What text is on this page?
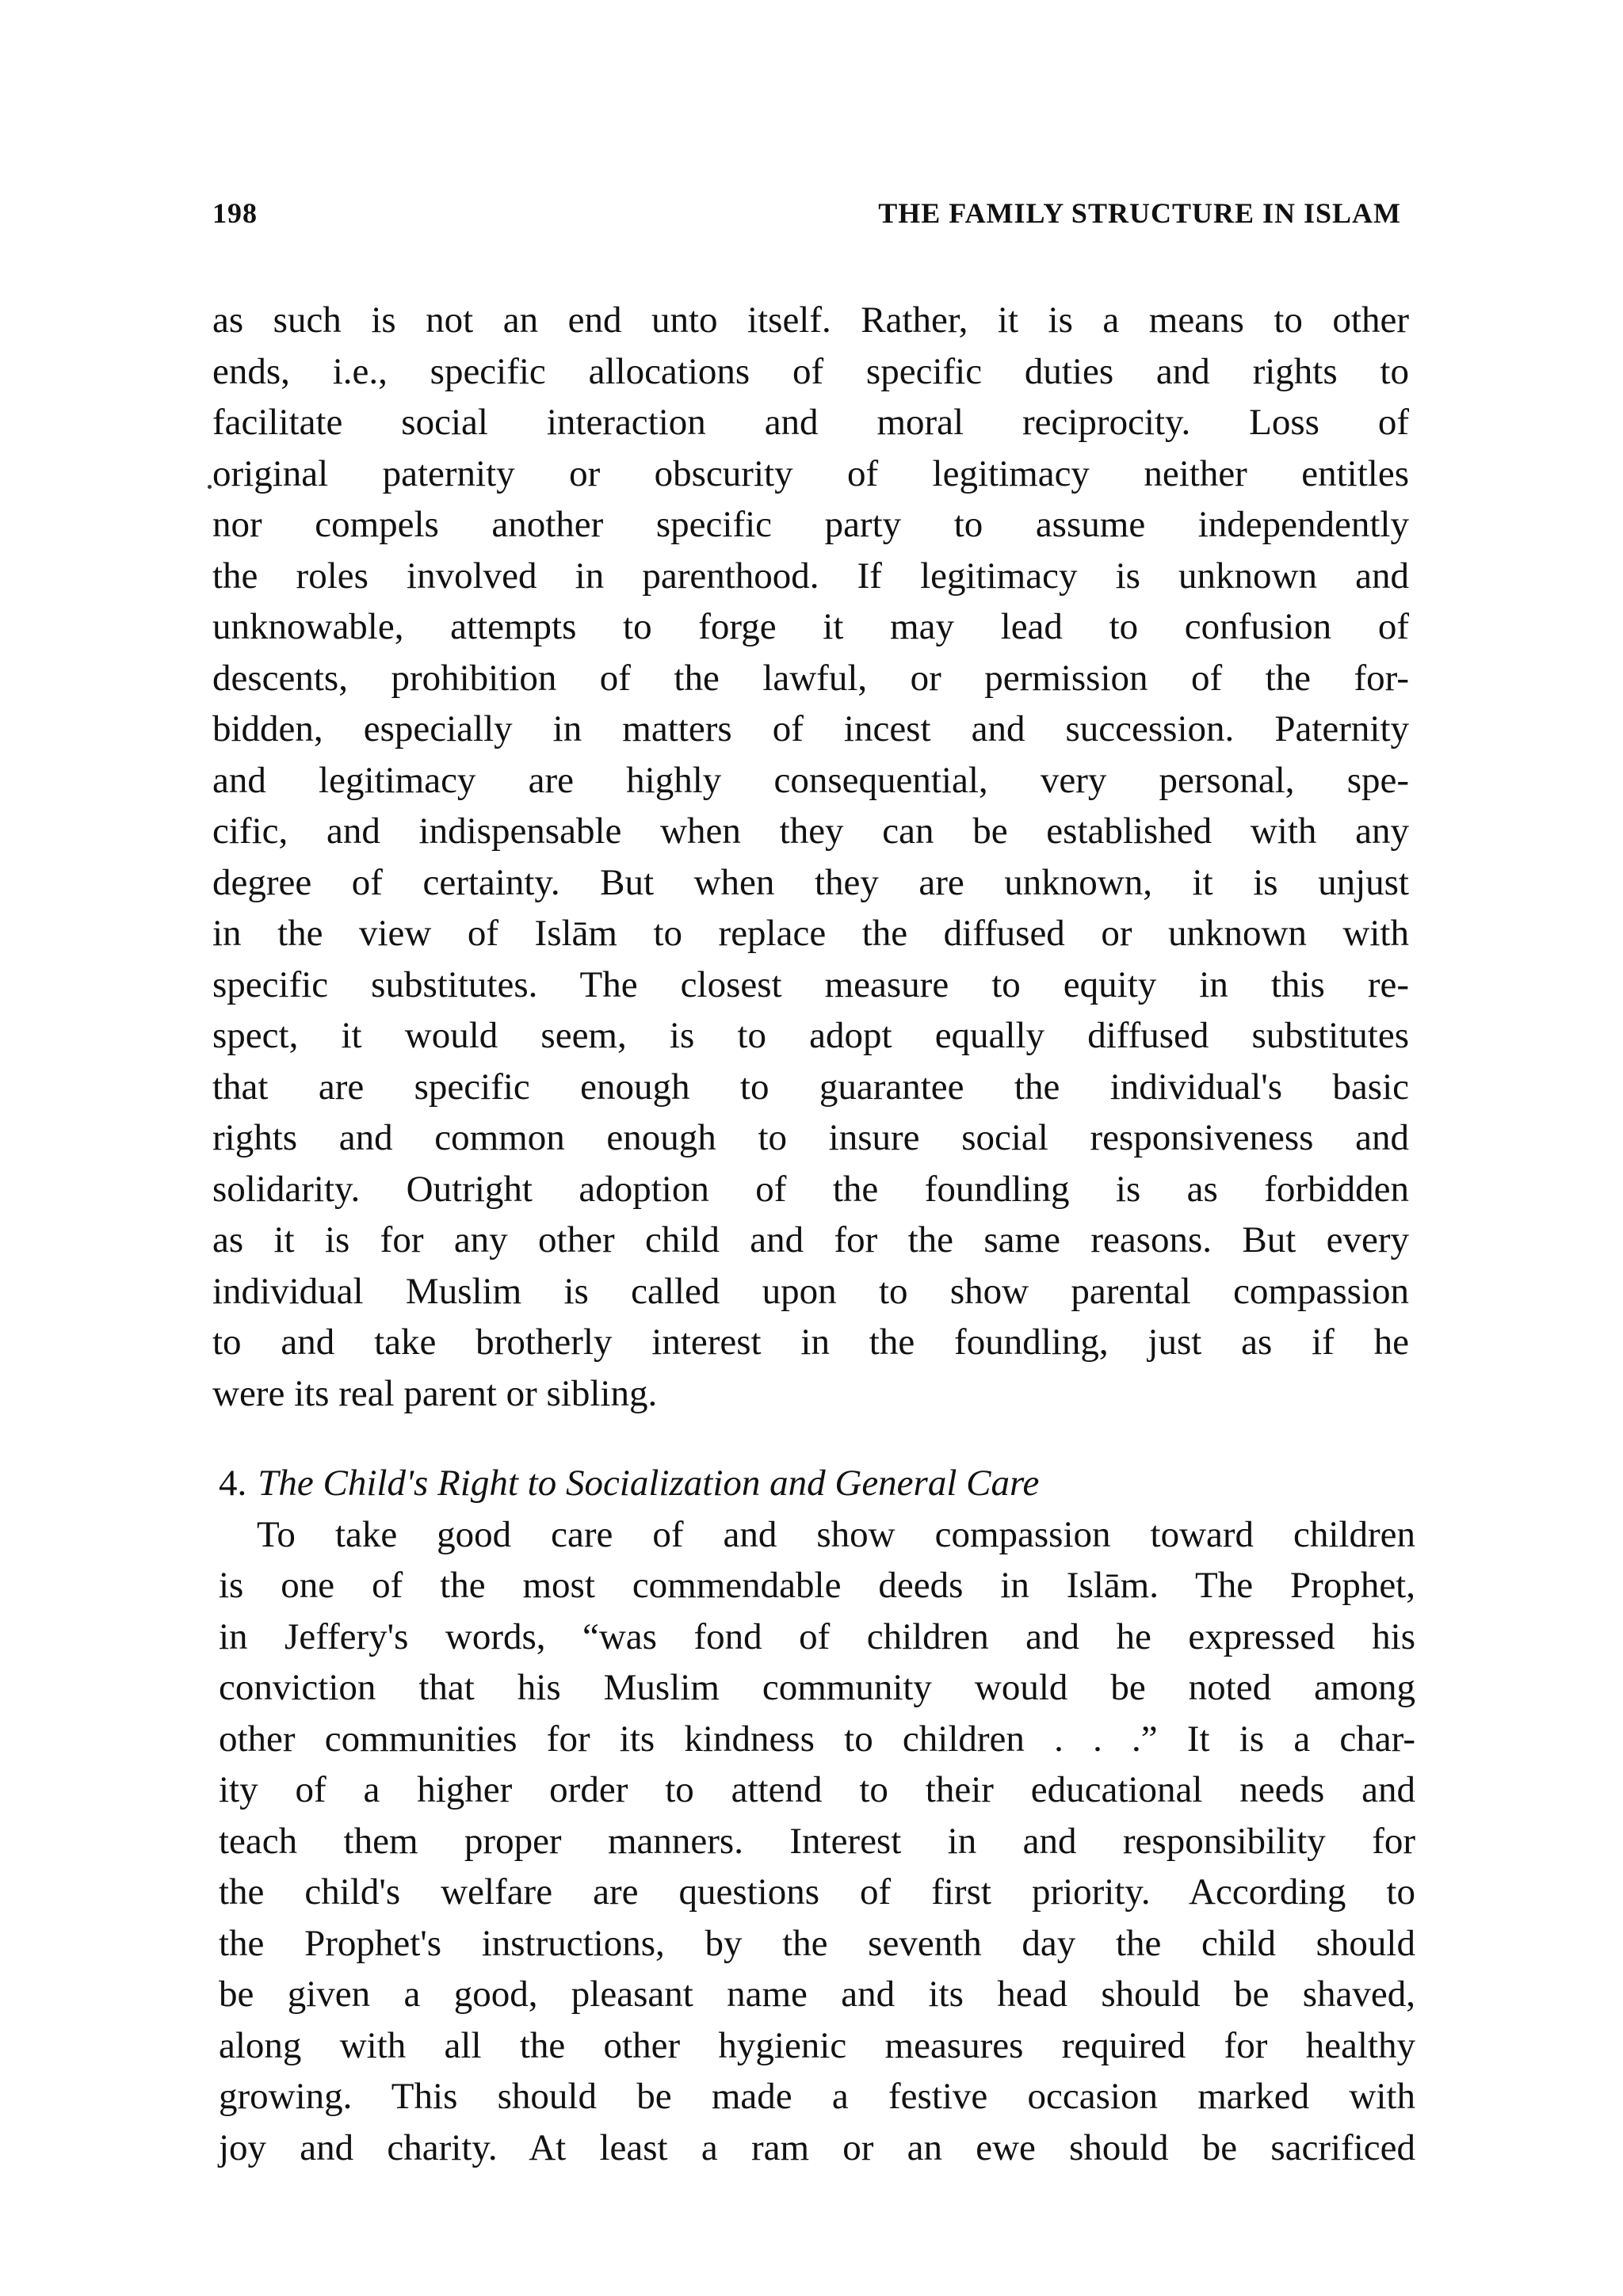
198	THE FAMILY STRUCTURE IN ISLAM
as such is not an end unto itself. Rather, it is a means to other
ends, i.e., specific allocations of specific duties and rights to
facilitate social interaction and moral reciprocity. Loss of
original paternity or obscurity of legitimacy neither entitles
nor compels another specific party to assume independently
the roles involved in parenthood. If legitimacy is unknown and
unknowable, attempts to forge it may lead to confusion of
descents, prohibition of the lawful, or permission of the for-
bidden, especially in matters of incest and succession. Paternity
and legitimacy are highly consequential, very personal, spe-
cific, and indispensable when they can be established with any
degree of certainty. But when they are unknown, it is unjust
in the view of Islām to replace the diffused or unknown with
specific substitutes. The closest measure to equity in this re-
spect, it would seem, is to adopt equally diffused substitutes
that are specific enough to guarantee the individual's basic
rights and common enough to insure social responsiveness and
solidarity. Outright adoption of the foundling is as forbidden
as it is for any other child and for the same reasons. But every
individual Muslim is called upon to show parental compassion
to and take brotherly interest in the foundling, just as if he
were its real parent or sibling.
4. The Child's Right to Socialization and General Care
To take good care of and show compassion toward children
is one of the most commendable deeds in Islām. The Prophet,
in Jeffery's words, “was fond of children and he expressed his
conviction that his Muslim community would be noted among
other communities for its kindness to children . . .” It is a char-
ity of a higher order to attend to their educational needs and
teach them proper manners. Interest in and responsibility for
the child's welfare are questions of first priority. According to
the Prophet's instructions, by the seventh day the child should
be given a good, pleasant name and its head should be shaved,
along with all the other hygienic measures required for healthy
growing. This should be made a festive occasion marked with
joy and charity. At least a ram or an ewe should be sacrificed
